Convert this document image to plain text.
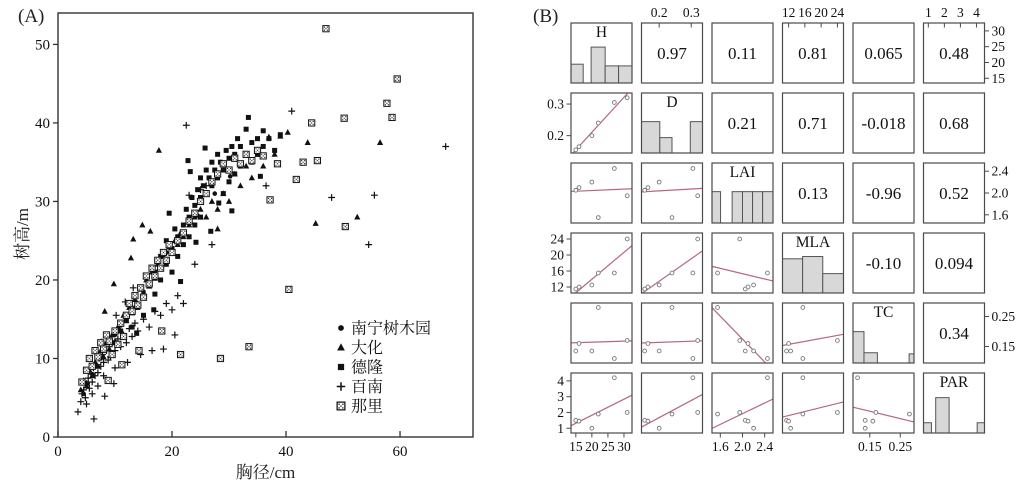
(A)
0	20	40	60
0
10
20
30
40
50
南宁树木园
大化
德隆
百南
那里
胸径/cm
树高/m
(B)
H
0.97 0.11 0.81 0.065 0.48
D
0.21 0.71 -0.018 0.68
LAI
0.13 -0.96 0.52
MLA
-0.10 0.094
TC
0.34
PAR
0.2 0.3	12 16 20 24	1 2 3 4
15 20 25 30	1.6 2.0 2.4	0.15 0.25
0.2
0.3
12
16
20
24
1
2
3
4
15
20
25
30
1.6
2.0
2.4
0.15
0.25
